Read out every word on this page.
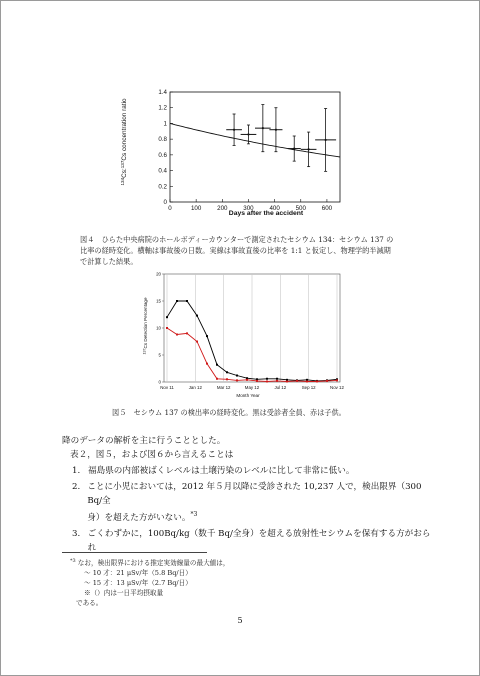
$^{134}$Cs:$^{137}$Cs concentration ratio
Days after the accident
0	100	200	300	400	500	600
0
0.2
0.4
0.6
0.8
1
1.2
1.4
図４　ひらた中央病院のホールボディーカウンターで測定されたセシウム 134：セシウム 137 の
比率の経時変化。横軸は事故後の日数。実線は事故直後の比率を 1:1 と仮定し、物理学的半減期
で計算した結果。
$^{137}$Cs Detection Percentage
Month Year
Nov 11	Jan 12	Mar 12	May 12	Jul 12	Sep 12	Nov 12
0
5
10
15
20
図５　セシウム 137 の検出率の経時変化。黒は受診者全員、赤は子供。
降のデータの解析を主に行うこととした。
表２，図５，および図６から言えることは
1. 福島県の内部被ばくレベルは土壌汚染のレベルに比して非常に低い。
2. ことに小児においては，2012 年５月以降に受診された 10,237 人で，検出限界（300 Bq/全
身）を超えた方がいない。$^{*3}$
3. ごくわずかに，100Bq/kg（数千 Bq/全身）を超える放射性セシウムを保有する方がおられ
$^{*3}$ なお，検出限界における推定実効線量の最大値は，
〜 10 才：21 μSv/年（5.8 Bq/日）
〜 15 才：13 μSv/年（2.7 Bq/日）
※（）内は一日平均摂取量
である。
5
